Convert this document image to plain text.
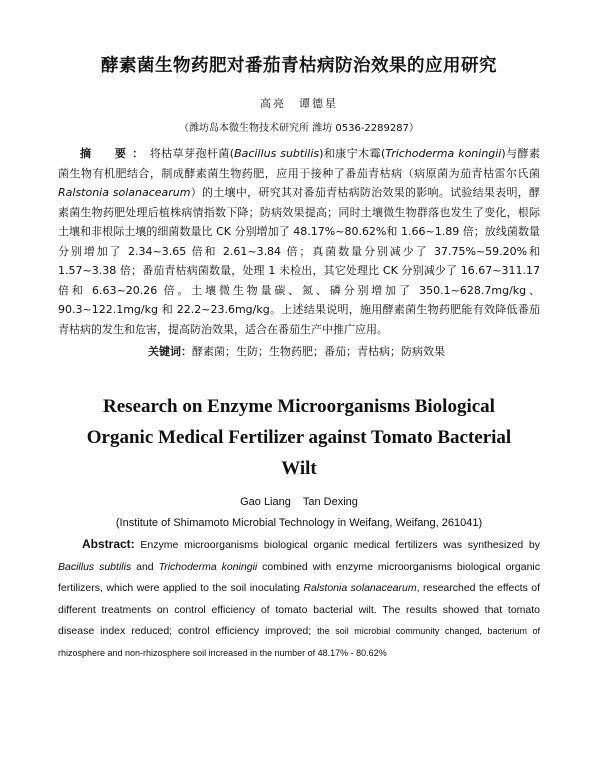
酵素菌生物药肥对番茄青枯病防治效果的应用研究
高亮　谭德星
（潍坊岛本微生物技术研究所 潍坊 0536-2289287）

摘　要：将枯草芽孢杆菌(Bacillus subtilis)和康宁木霉(Trichoderma koningii)与酵素菌生物有机肥结合，制成酵素菌生物药肥，应用于接种了番茄青枯病（病原菌为茄青枯雷尔氏菌 Ralstonia solanacearum）的土壤中，研究其对番茄青枯病防治效果的影响。试验结果表明，酵素菌生物药肥处理后植株病情指数下降；防病效果提高；同时土壤微生物群落也发生了变化，根际土壤和非根际土壤的细菌数量比 CK 分别增加了 48.17%~80.62%和 1.66~1.89 倍；放线菌数量分别增加了 2.34~3.65 倍和 2.61~3.84 倍；真菌数量分别减少了 37.75%~59.20%和 1.57~3.38 倍；番茄青枯病菌数量，处理 1 未检出，其它处理比 CK 分别减少了 16.67~311.17 倍和 6.63~20.26 倍。土壤微生物量碳、氮、磷分别增加了 350.1~628.7mg/kg、90.3~122.1mg/kg 和 22.2~23.6mg/kg。上述结果说明，施用酵素菌生物药肥能有效降低番茄青枯病的发生和危害，提高防治效果，适合在番茄生产中推广应用。

关键词：酵素菌；生防；生物药肥；番茄；青枯病；防病效果
Research on Enzyme Microorganisms Biological
Organic Medical Fertilizer against Tomato Bacterial
Wilt
Gao Liang Tan Dexing
(Institute of Shimamoto Microbial Technology in Weifang, Weifang, 261041)

Abstract: Enzyme microorganisms biological organic medical fertilizers was synthesized by Bacillus subtilis and Trichoderma koningii combined with enzyme microorganisms biological organic fertilizers, which were applied to the soil inoculating Ralstonia solanacearum, researched the effects of different treatments on control efficiency of tomato bacterial wilt. The results showed that tomato disease index reduced; control efficiency improved; the soil microbial community changed, bacterium of rhizosphere and non-rhizosphere soil increased in the number of 48.17% - 80.62%
